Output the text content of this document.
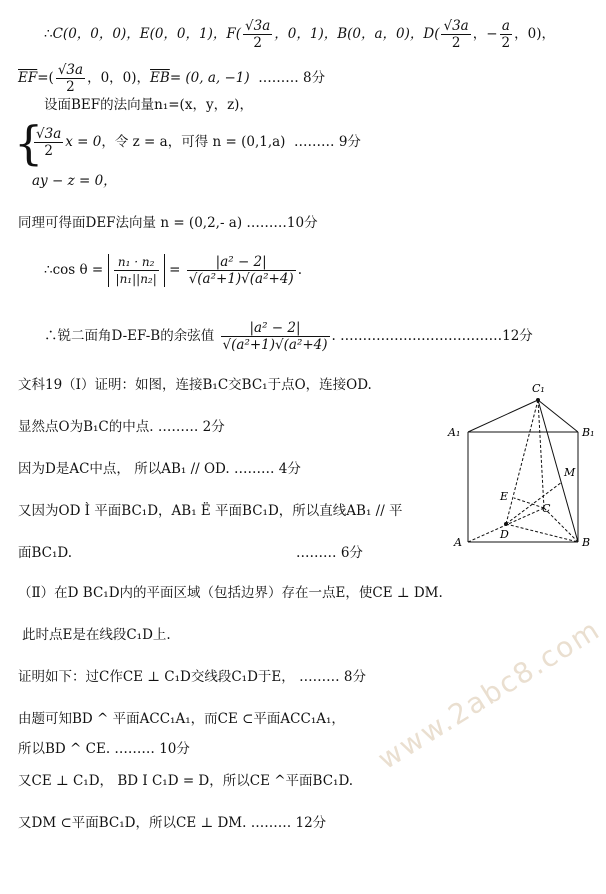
∴C(0，0，0)，E(0，0，1)，$F( \frac{√3a}{2}$ ，0，1)，B(0，a，0)，$D( \frac{√3a}{2}$ ，− $\frac{a}{2}$ ，0)，
$\overline{EF}=( \frac{√3a}{2}$ ，0，0)，$\overline{EB}= (0$, a, −1) ……… 8分
设面BEF的法向量n₁=(x，y，z)，
{
$\frac{√3a}{2}$ x = 0，令 z = a，可得 n = (0,1,a) ……… 9分
ay − z = 0，
同理可得面DEF法向量 n = (0,2,- a) ………10分
∴cos $\theta = \frac{\text{n₁ · n₂}}{\text{|n₁||n₂|}} = \frac{\text{|a² − 2|}}{\text{√(a²+1)√(a²+4)}}$ .
∴锐二面角D-EF-B的余弦值 $\frac{\text{|a² − 2|}}{\text{√(a²+1)√(a²+4)}}$ . ………………………………12分
文科19（I）证明：如图，连接B₁C交BC₁于点O，连接OD.
显然点O为B₁C的中点. ……… 2分
因为D是AC中点， 所以AB₁ // OD. ……… 4分
又因为OD Ì 平面BC₁D，AB₁ Ë 平面BC₁D，所以直线AB₁ // 平
面BC₁D.	……… 6分
（Ⅱ）在D BC₁D内的平面区域（包括边界）存在一点E，使CE ⊥ DM.
此时点E是在线段C₁D上.
证明如下：过C作CE ⊥ C₁D交线段C₁D于E， ……… 8分
由题可知BD ^ 平面ACC₁A₁，而CE ⊂平面ACC₁A₁，
所以BD ^ CE. ……… 10分
又CE ⊥ C₁D， BD I C₁D = D，所以CE ^平面BC₁D.
又DM ⊂平面BC₁D，所以CE ⊥ DM. ……… 12分
C₁
A₁	B₁
M
E
C
D
A	B
www.2abc8.com
